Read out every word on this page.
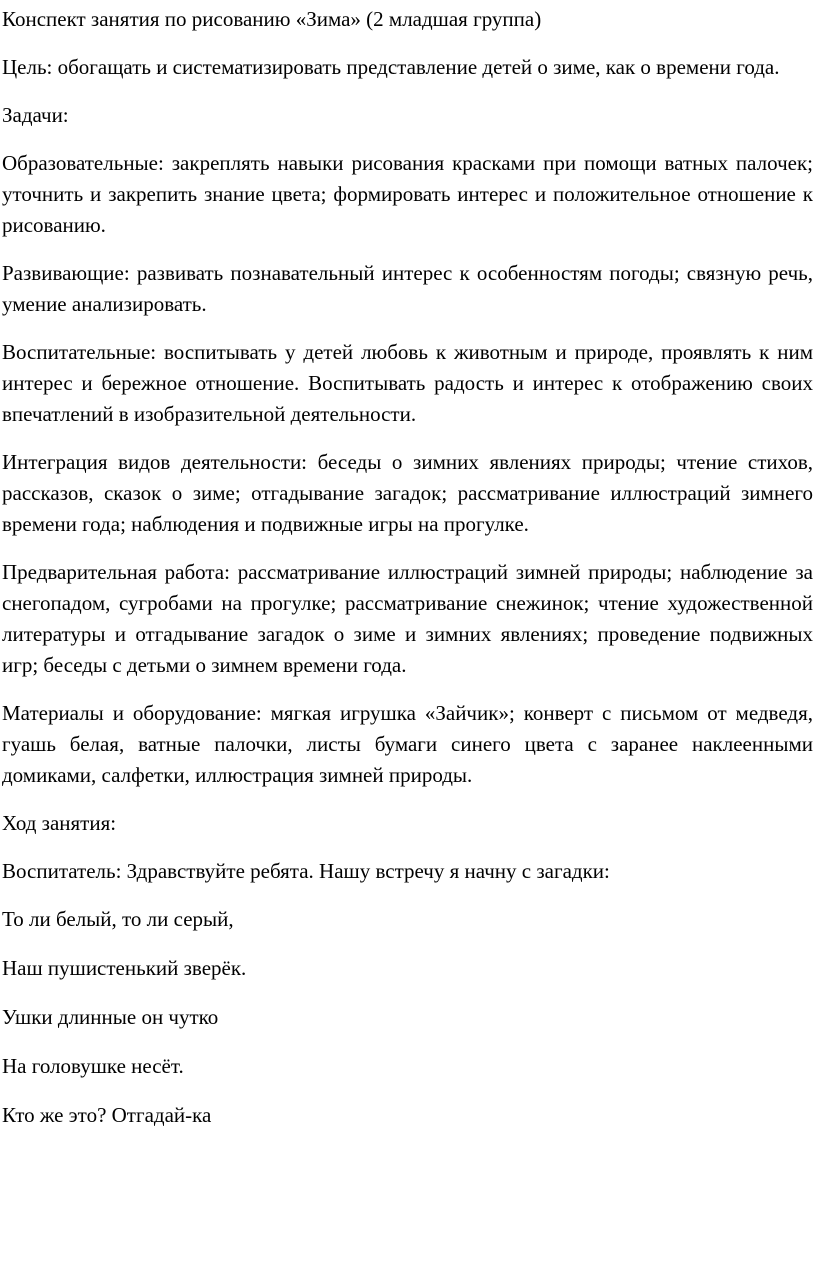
Конспект занятия по рисованию «Зима» (2 младшая группа)

Цель: обогащать и систематизировать представление детей о зиме, как о времени года.

Задачи:

Образовательные: закреплять навыки рисования красками при помощи ватных палочек; уточнить и закрепить знание цвета; формировать интерес и положительное отношение к рисованию.

Развивающие: развивать познавательный интерес к особенностям погоды; связную речь, умение анализировать.

Воспитательные: воспитывать у детей любовь к животным и природе, проявлять к ним интерес и бережное отношение. Воспитывать радость и интерес к отображению своих впечатлений в изобразительной деятельности.

Интеграция видов деятельности: беседы о зимних явлениях природы; чтение стихов, рассказов, сказок о зиме; отгадывание загадок; рассматривание иллюстраций зимнего времени года; наблюдения и подвижные игры на прогулке.

Предварительная работа: рассматривание иллюстраций зимней природы; наблюдение за снегопадом, сугробами на прогулке; рассматривание снежинок; чтение художественной литературы и отгадывание загадок о зиме и зимних явлениях; проведение подвижных игр; беседы с детьми о зимнем времени года.

Материалы и оборудование: мягкая игрушка «Зайчик»; конверт с письмом от медведя, гуашь белая, ватные палочки, листы бумаги синего цвета с заранее наклеенными домиками, салфетки, иллюстрация зимней природы.

Ход занятия:

Воспитатель: Здравствуйте ребята. Нашу встречу я начну с загадки:

То ли белый, то ли серый,

Наш пушистенький зверёк.

Ушки длинные он чутко

На головушке несёт.

Кто же это? Отгадай-ка
